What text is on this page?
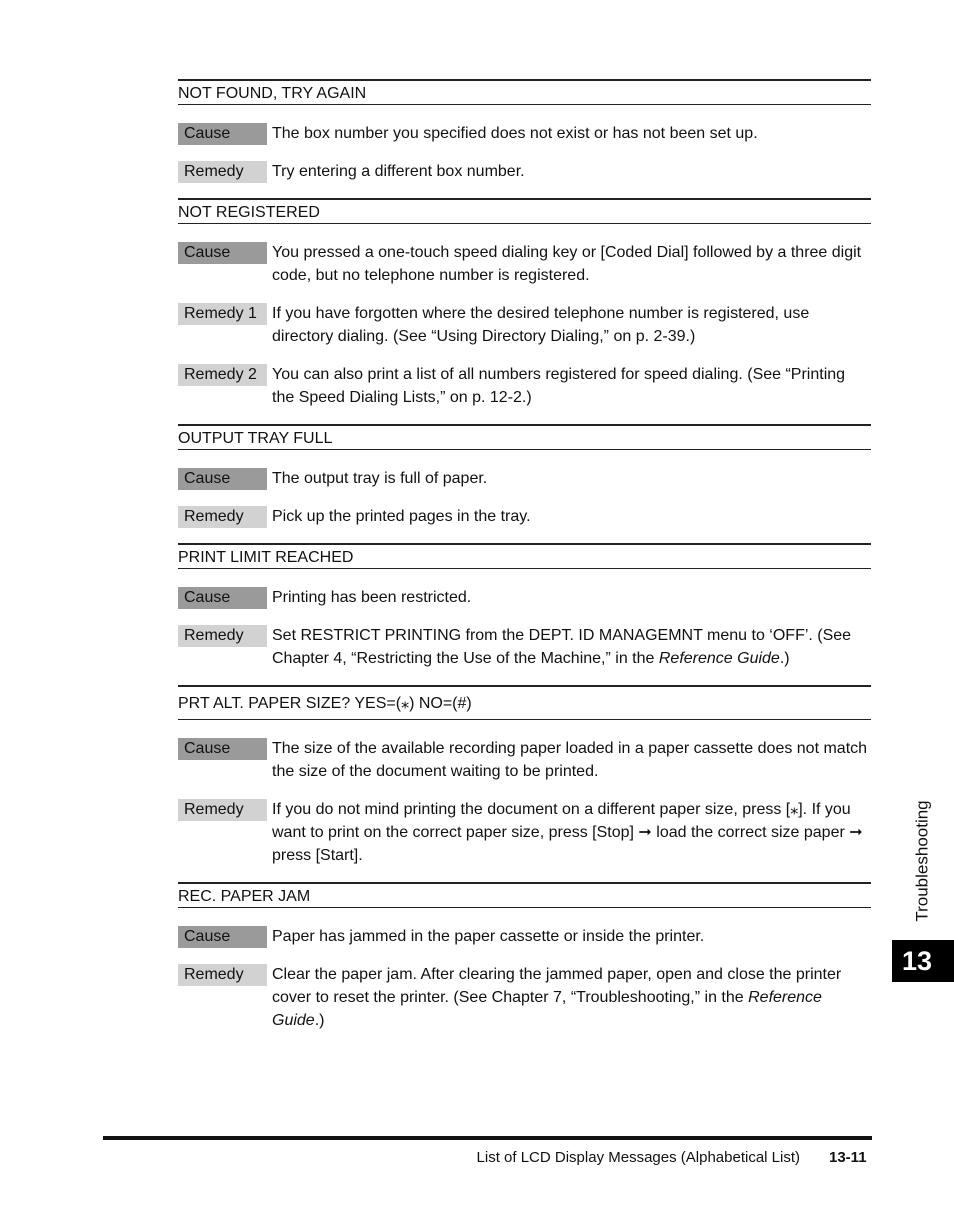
NOT FOUND, TRY AGAIN
Cause	The box number you specified does not exist or has not been set up.
Remedy	Try entering a different box number.
NOT REGISTERED
Cause	You pressed a one-touch speed dialing key or [Coded Dial] followed by a three digit code, but no telephone number is registered.
Remedy 1 If you have forgotten where the desired telephone number is registered, use directory dialing. (See “Using Directory Dialing,” on p. 2-39.)
Remedy 2 You can also print a list of all numbers registered for speed dialing. (See “Printing the Speed Dialing Lists,” on p. 12-2.)
OUTPUT TRAY FULL
Cause	The output tray is full of paper.
Remedy	Pick up the printed pages in the tray.
PRINT LIMIT REACHED
Cause	Printing has been restricted.
Remedy	Set RESTRICT PRINTING from the DEPT. ID MANAGEMNT menu to ‘OFF’. (See Chapter 4, “Restricting the Use of the Machine,” in the Reference Guide.)
PRT ALT. PAPER SIZE? YES=(⁎) NO=(#)
Cause	The size of the available recording paper loaded in a paper cassette does not match the size of the document waiting to be printed.
Remedy	If you do not mind printing the document on a different paper size, press [⁎]. If you want to print on the correct paper size, press [Stop] ➞ load the correct size paper ➞ press [Start].
REC. PAPER JAM
Cause	Paper has jammed in the paper cassette or inside the printer.
Remedy	Clear the paper jam. After clearing the jammed paper, open and close the printer cover to reset the printer. (See Chapter 7, “Troubleshooting,” in the Reference Guide.)
Troubleshooting
13
List of LCD Display Messages (Alphabetical List) 13-11
